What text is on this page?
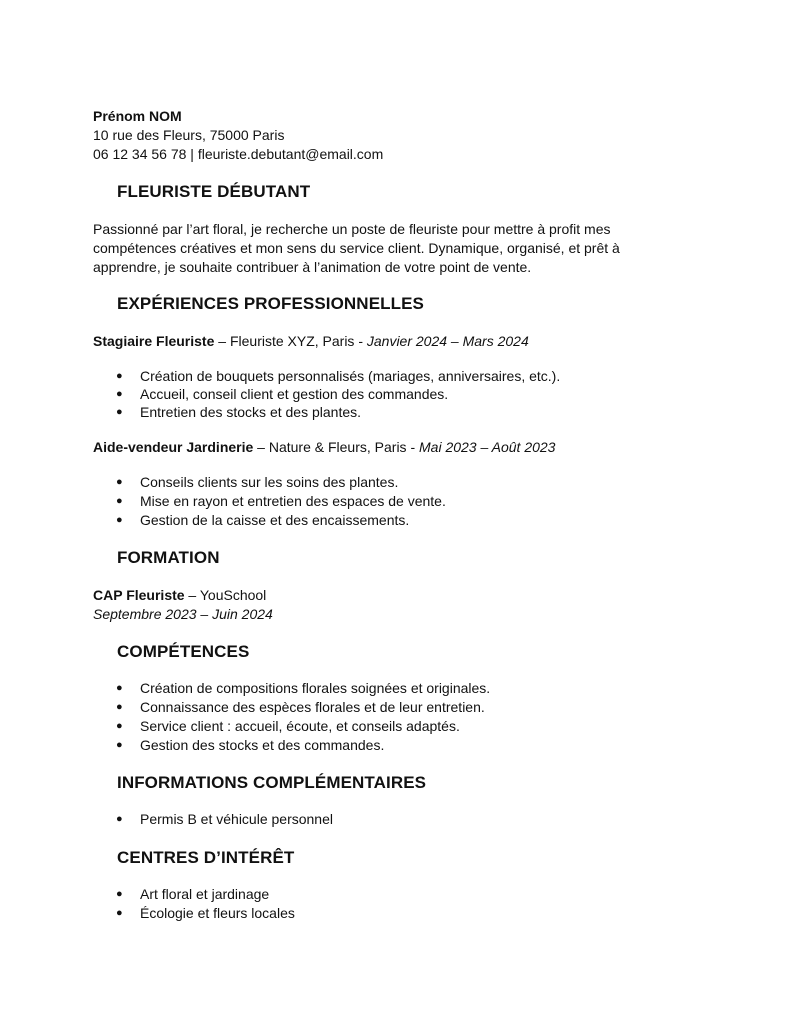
Prénom NOM
10 rue des Fleurs, 75000 Paris
06 12 34 56 78 | fleuriste.debutant@email.com
FLEURISTE DÉBUTANT
Passionné par l’art floral, je recherche un poste de fleuriste pour mettre à profit mes
compétences créatives et mon sens du service client. Dynamique, organisé, et prêt à
apprendre, je souhaite contribuer à l’animation de votre point de vente.
EXPÉRIENCES PROFESSIONNELLES
Stagiaire Fleuriste – Fleuriste XYZ, Paris - Janvier 2024 – Mars 2024
● Création de bouquets personnalisés (mariages, anniversaires, etc.).
● Accueil, conseil client et gestion des commandes.
● Entretien des stocks et des plantes.
Aide-vendeur Jardinerie – Nature & Fleurs, Paris - Mai 2023 – Août 2023
● Conseils clients sur les soins des plantes.
● Mise en rayon et entretien des espaces de vente.
● Gestion de la caisse et des encaissements.
FORMATION
CAP Fleuriste – YouSchool
Septembre 2023 – Juin 2024
COMPÉTENCES
● Création de compositions florales soignées et originales.
● Connaissance des espèces florales et de leur entretien.
● Service client : accueil, écoute, et conseils adaptés.
● Gestion des stocks et des commandes.
INFORMATIONS COMPLÉMENTAIRES
● Permis B et véhicule personnel
CENTRES D’INTÉRÊT
● Art floral et jardinage
● Écologie et fleurs locales
